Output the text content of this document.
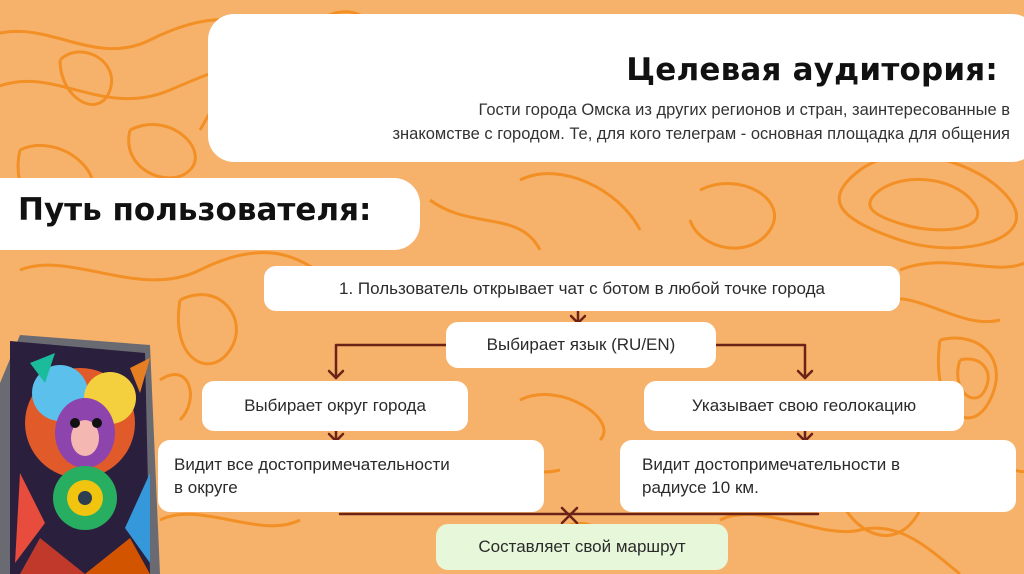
Целевая аудитория:
Гости города Омска из других регионов и стран, заинтересованные в
знакомстве с городом. Те, для кого телеграм - основная площадка для общения
Путь пользователя:
1. Пользователь открывает чат с ботом в любой точке города
Выбирает язык (RU/EN)
Выбирает округ города	Указывает свою геолокацию
Видит все достопримечательности
в округе
Видит достопримечательности в
радиусе 10 км.
Составляет свой маршрут
